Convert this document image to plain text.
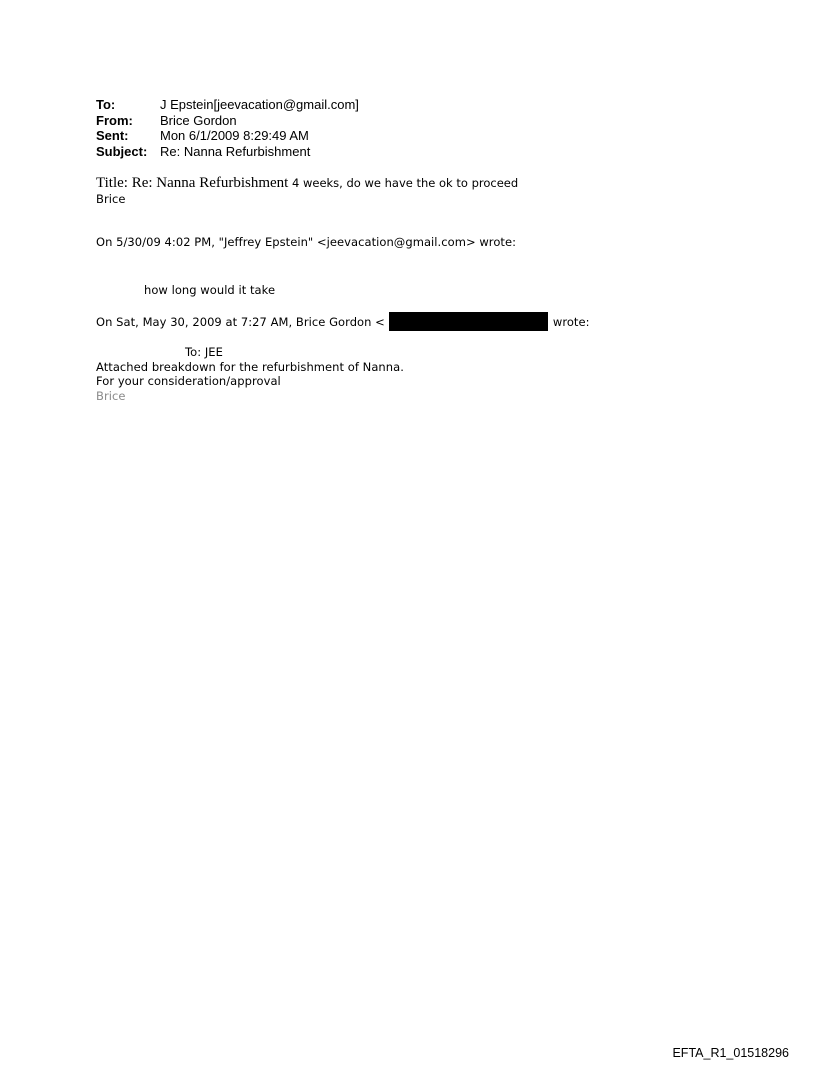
To:	J Epstein[jeevacation@gmail.com]
From:	Brice Gordon
Sent:	Mon 6/1/2009 8:29:49 AM
Subject: Re: Nanna Refurbishment
Title: Re: Nanna Refurbishment 4 weeks, do we have the ok to proceed
Brice
On 5/30/09 4:02 PM, "Jeffrey Epstein" <jeevacation@gmail.com> wrote:
how long would it take
On Sat, May 30, 2009 at 7:27 AM, Brice Gordon <	wrote:
To: JEE
Attached breakdown for the refurbishment of Nanna.
For your consideration/approval
Brice
EFTA_R1_01518296
